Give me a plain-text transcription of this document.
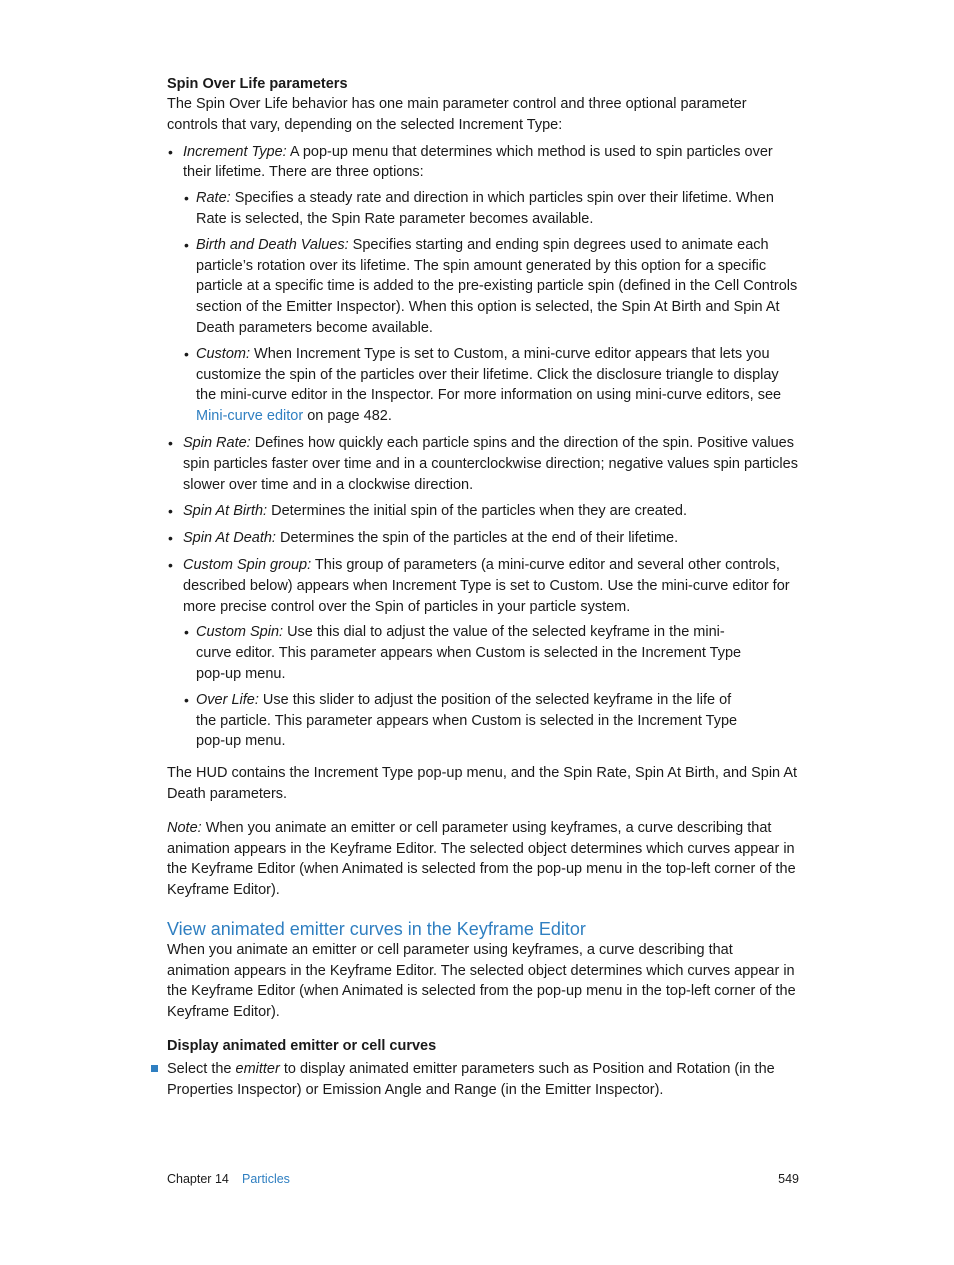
Spin Over Life parameters

The Spin Over Life behavior has one main parameter control and three optional parameter controls that vary, depending on the selected Increment Type:

• Increment Type: A pop-up menu that determines which method is used to spin particles over their lifetime. There are three options:
• Rate: Specifies a steady rate and direction in which particles spin over their lifetime. When Rate is selected, the Spin Rate parameter becomes available.
• Birth and Death Values: Specifies starting and ending spin degrees used to animate each particle’s rotation over its lifetime. The spin amount generated by this option for a specific particle at a specific time is added to the pre-existing particle spin (defined in the Cell Controls section of the Emitter Inspector). When this option is selected, the Spin At Birth and Spin At Death parameters become available.
• Custom: When Increment Type is set to Custom, a mini-curve editor appears that lets you customize the spin of the particles over their lifetime. Click the disclosure triangle to display the mini-curve editor in the Inspector. For more information on using mini-curve editors, see Mini-curve editor on page 482.
• Spin Rate: Defines how quickly each particle spins and the direction of the spin. Positive values spin particles faster over time and in a counterclockwise direction; negative values spin particles slower over time and in a clockwise direction.
• Spin At Birth: Determines the initial spin of the particles when they are created.
• Spin At Death: Determines the spin of the particles at the end of their lifetime.
• Custom Spin group: This group of parameters (a mini-curve editor and several other controls, described below) appears when Increment Type is set to Custom. Use the mini-curve editor for more precise control over the Spin of particles in your particle system.
• Custom Spin: Use this dial to adjust the value of the selected keyframe in the mini-curve editor. This parameter appears when Custom is selected in the Increment Type pop-up menu.
• Over Life: Use this slider to adjust the position of the selected keyframe in the life of the particle. This parameter appears when Custom is selected in the Increment Type pop-up menu.

The HUD contains the Increment Type pop-up menu, and the Spin Rate, Spin At Birth, and Spin At Death parameters.

Note: When you animate an emitter or cell parameter using keyframes, a curve describing that animation appears in the Keyframe Editor. The selected object determines which curves appear in the Keyframe Editor (when Animated is selected from the pop-up menu in the top-left corner of the Keyframe Editor).

View animated emitter curves in the Keyframe Editor

When you animate an emitter or cell parameter using keyframes, a curve describing that animation appears in the Keyframe Editor. The selected object determines which curves appear in the Keyframe Editor (when Animated is selected from the pop-up menu in the top-left corner of the Keyframe Editor).

Display animated emitter or cell curves

Select the emitter to display animated emitter parameters such as Position and Rotation (in the Properties Inspector) or Emission Angle and Range (in the Emitter Inspector).
Chapter 14 Particles	549
